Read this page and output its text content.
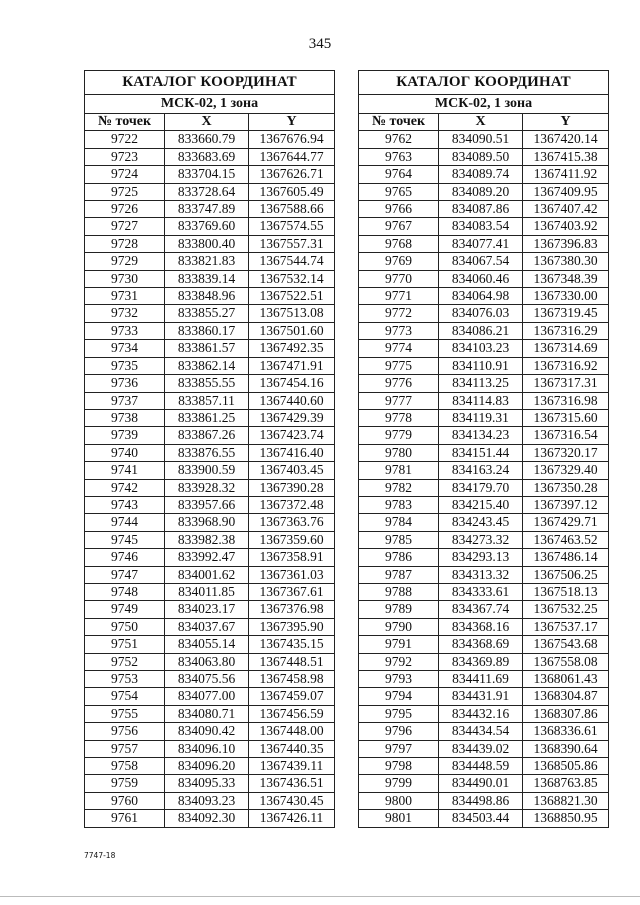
345
КАТАЛОГ КООРДИНАТ		
МСК-02, 1 зона		
№ точек	X	Y
9722	833660.79	1367676.94
9723	833683.69	1367644.77
9724	833704.15	1367626.71
9725	833728.64	1367605.49
9726	833747.89	1367588.66
9727	833769.60	1367574.55
9728	833800.40	1367557.31
9729	833821.83	1367544.74
9730	833839.14	1367532.14
9731	833848.96	1367522.51
9732	833855.27	1367513.08
9733	833860.17	1367501.60
9734	833861.57	1367492.35
9735	833862.14	1367471.91
9736	833855.55	1367454.16
9737	833857.11	1367440.60
9738	833861.25	1367429.39
9739	833867.26	1367423.74
9740	833876.55	1367416.40
9741	833900.59	1367403.45
9742	833928.32	1367390.28
9743	833957.66	1367372.48
9744	833968.90	1367363.76
9745	833982.38	1367359.60
9746	833992.47	1367358.91
9747	834001.62	1367361.03
9748	834011.85	1367367.61
9749	834023.17	1367376.98
9750	834037.67	1367395.90
9751	834055.14	1367435.15
9752	834063.80	1367448.51
9753	834075.56	1367458.98
9754	834077.00	1367459.07
9755	834080.71	1367456.59
9756	834090.42	1367448.00
9757	834096.10	1367440.35
9758	834096.20	1367439.11
9759	834095.33	1367436.51
9760	834093.23	1367430.45
9761	834092.30	1367426.11
КАТАЛОГ КООРДИНАТ		
МСК-02, 1 зона		
№ точек	X	Y
9762	834090.51	1367420.14
9763	834089.50	1367415.38
9764	834089.74	1367411.92
9765	834089.20	1367409.95
9766	834087.86	1367407.42
9767	834083.54	1367403.92
9768	834077.41	1367396.83
9769	834067.54	1367380.30
9770	834060.46	1367348.39
9771	834064.98	1367330.00
9772	834076.03	1367319.45
9773	834086.21	1367316.29
9774	834103.23	1367314.69
9775	834110.91	1367316.92
9776	834113.25	1367317.31
9777	834114.83	1367316.98
9778	834119.31	1367315.60
9779	834134.23	1367316.54
9780	834151.44	1367320.17
9781	834163.24	1367329.40
9782	834179.70	1367350.28
9783	834215.40	1367397.12
9784	834243.45	1367429.71
9785	834273.32	1367463.52
9786	834293.13	1367486.14
9787	834313.32	1367506.25
9788	834333.61	1367518.13
9789	834367.74	1367532.25
9790	834368.16	1367537.17
9791	834368.69	1367543.68
9792	834369.89	1367558.08
9793	834411.69	1368061.43
9794	834431.91	1368304.87
9795	834432.16	1368307.86
9796	834434.54	1368336.61
9797	834439.02	1368390.64
9798	834448.59	1368505.86
9799	834490.01	1368763.85
9800	834498.86	1368821.30
9801	834503.44	1368850.95
7747-18
